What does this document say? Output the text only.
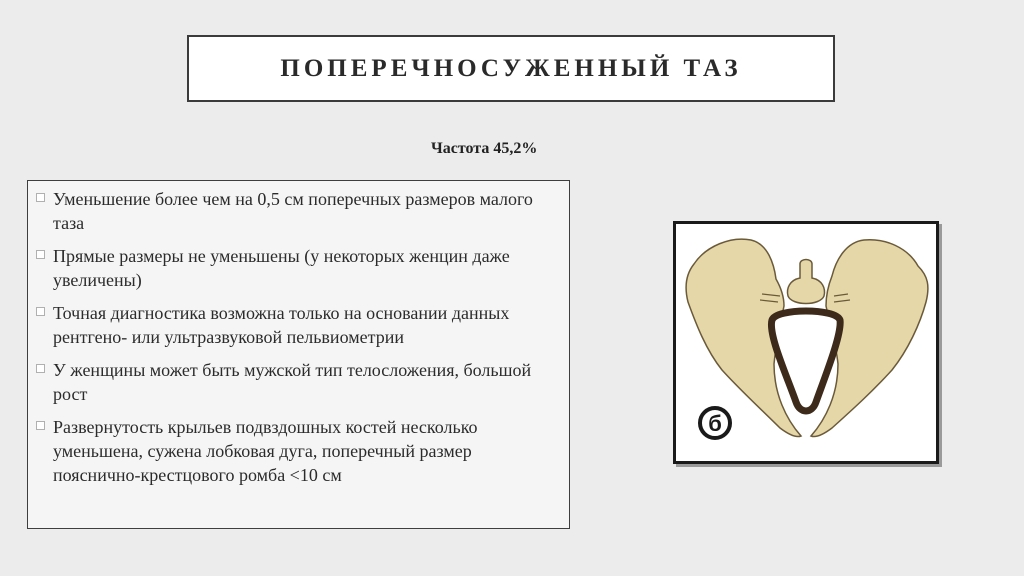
ПОПЕРЕЧНОСУЖЕННЫЙ ТАЗ
Частота 45,2%
Уменьшение более чем на 0,5 см поперечных размеров малого таза
Прямые размеры не уменьшены (у некоторых женцин даже увеличены)
Точная диагностика возможна только на основании данных рентгено- или ультразвуковой пельвиометрии
У женщины может быть мужской тип телосложения, большой рост
Развернутость крыльев подвздошных костей несколько уменьшена, сужена лобковая дуга, поперечный размер пояснично-крестцового ромба <10 см
б
